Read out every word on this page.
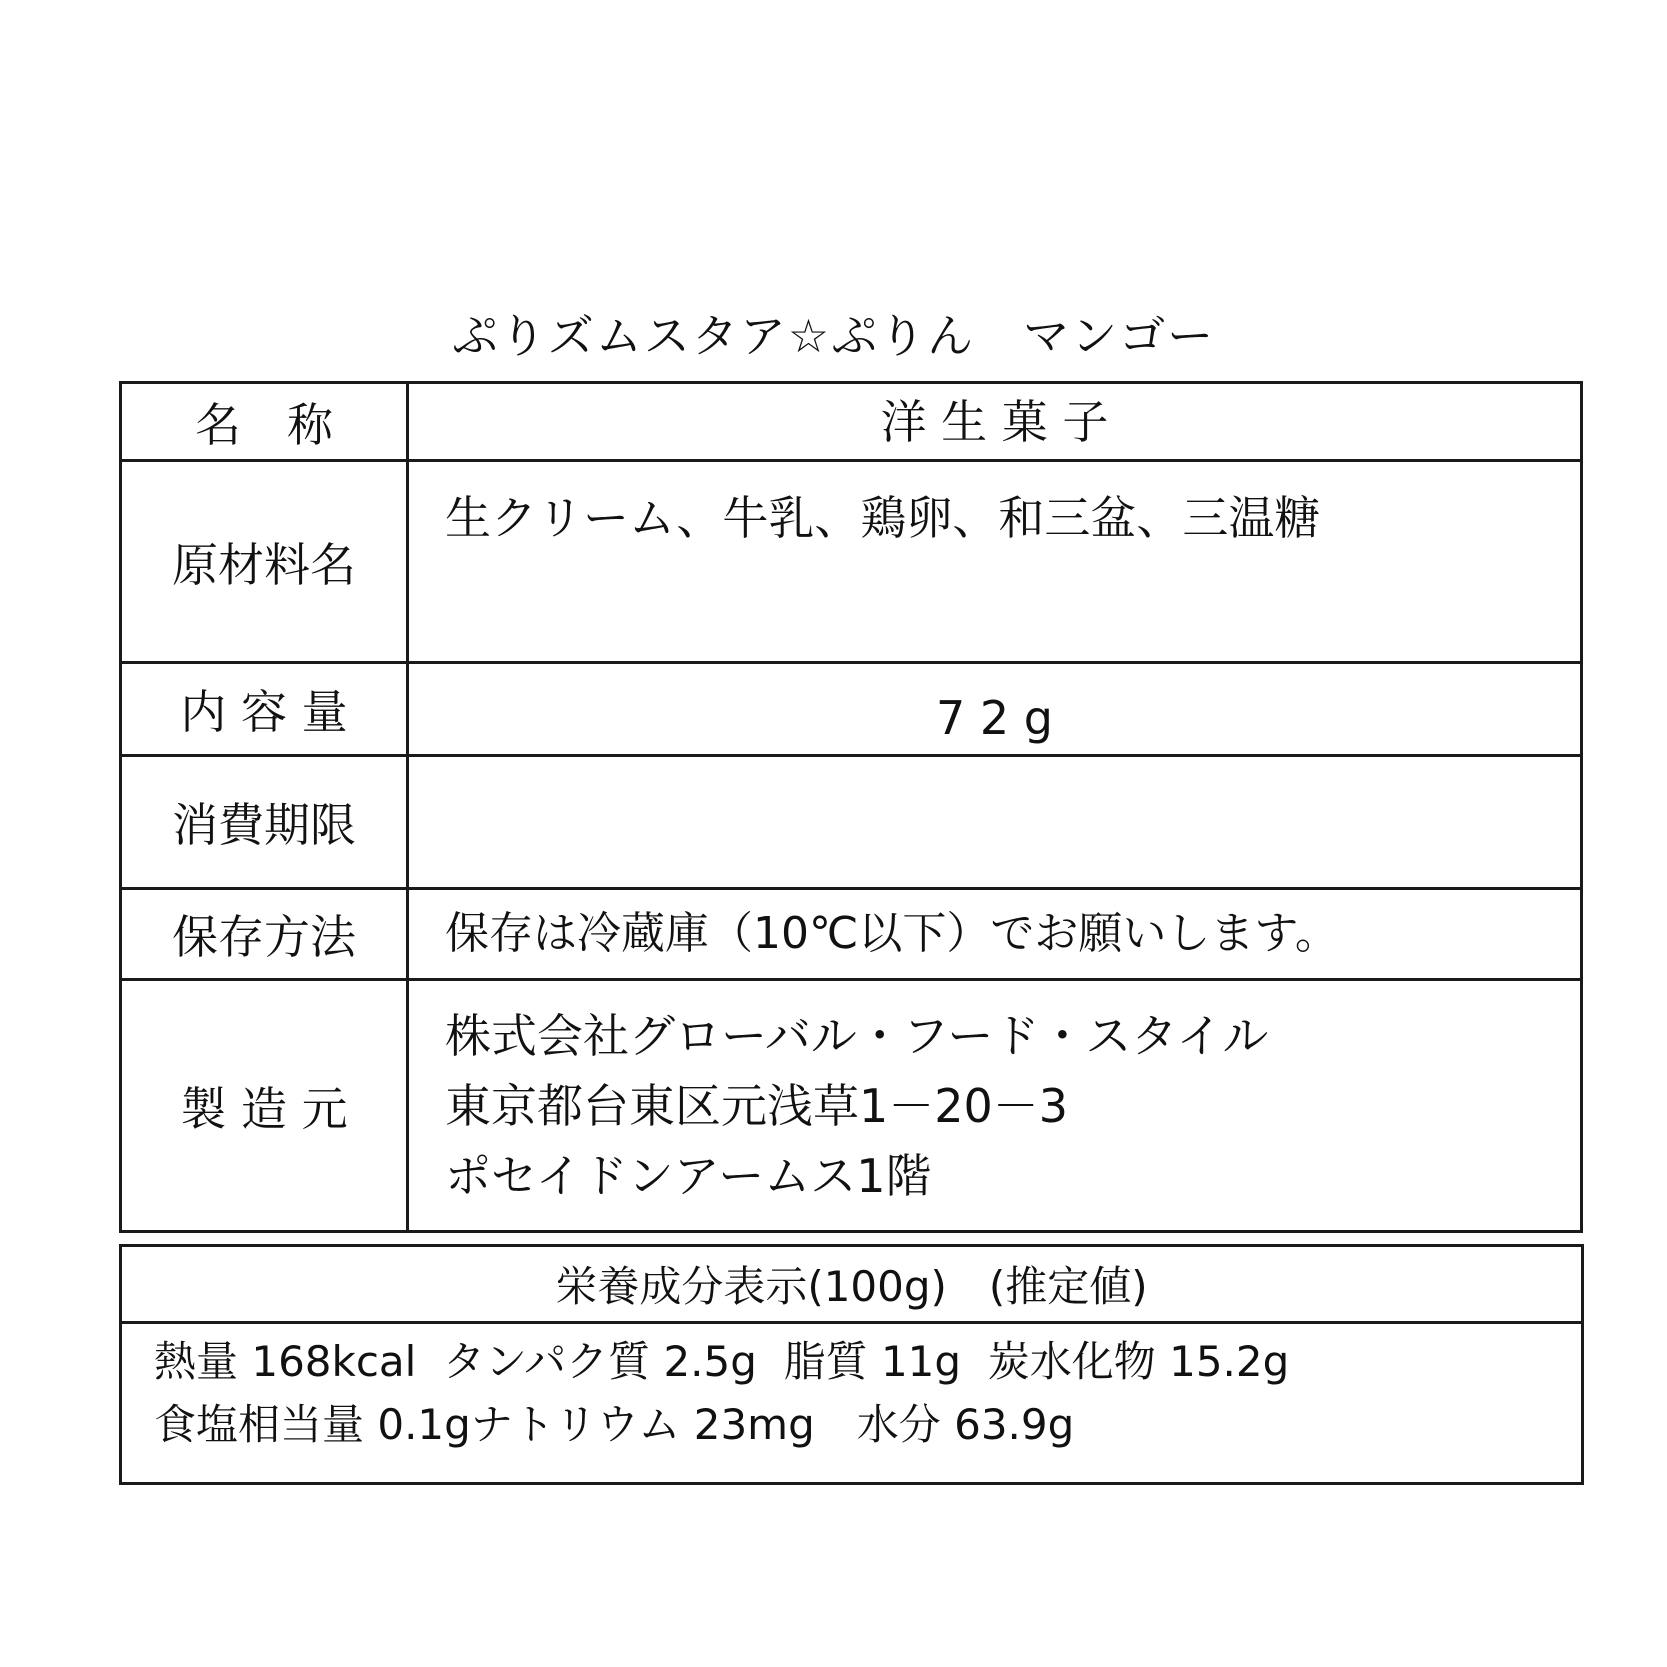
ぷりズムスタア☆ぷりん　マンゴー
名　称	洋 生 菓 子
原材料名	生クリーム、牛乳、鶏卵、和三盆、三温糖
内 容 量	7 2 g
消費期限	
保存方法	保存は冷蔵庫（10℃以下）でお願いします。
製 造 元	株式会社グローバル・フード・スタイル
東京都台東区元浅草1－20－3
ポセイドンアームス1階
栄養成分表示(100g)　(推定値)

熱量 168kcal  タンパク質 2.5g  脂質 11g  炭水化物 15.2g
食塩相当量 0.1gナトリウム 23mg　水分 63.9g
